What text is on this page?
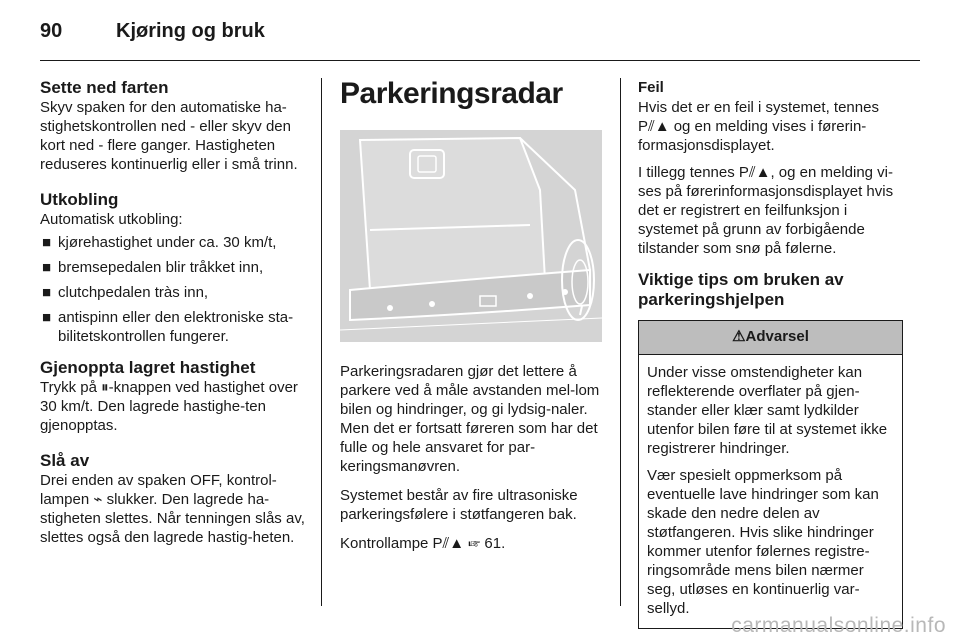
90	Kjøring og bruk
Sette ned farten

Skyv spaken for den automatiske ha-stighetskontrollen ned - eller skyv den kort ned - flere ganger. Hastigheten reduseres kontinuerlig eller i små trinn.

Utkobling

Automatisk utkobling:

■ kjørehastighet under ca. 30 km/t,
■ bremsepedalen blir tråkket inn,
■ clutchpedalen tràs inn,
■ antispinn eller den elektroniske sta-bilitetskontrollen fungerer.
Gjenoppta lagret hastighet

Trykk på ⏸-knappen ved hastighet over 30 km/t. Den lagrede hastighe-ten gjenopptas.

Slå av

Drei enden av spaken OFF, kontrol-lampen ⌁ slukker. Den lagrede ha-stigheten slettes. Når tenningen slås av, slettes også den lagrede hastig-heten.

Parkeringsradar

Parkeringsradaren gjør det lettere å parkere ved å måle avstanden mel-lom bilen og hindringer, og gi lydsig-naler. Men det er fortsatt føreren som har det fulle og hele ansvaret for par-keringsmanøvren.

Systemet består av fire ultrasoniske parkeringsfølere i støtfangeren bak.

Kontrollampe P⫽▲ ☞ 61.

Feil

Hvis det er en feil i systemet, tennes P⫽▲ og en melding vises i førerin-formasjonsdisplayet.

I tillegg tennes P⫽▲, og en melding vi-ses på førerinformasjonsdisplayet hvis det er registrert en feilfunksjon i systemet på grunn av forbigående tilstander som snø på følerne.

Viktige tips om bruken av parkeringshjelpen
⚠Advarsel

Under visse omstendigheter kan reflekterende overflater på gjen-stander eller klær samt lydkilder utenfor bilen føre til at systemet ikke registrerer hindringer.

Vær spesielt oppmerksom på eventuelle lave hindringer som kan skade den nedre delen av støtfangeren. Hvis slike hindringer kommer utenfor følernes registre-ringsområde mens bilen nærmer seg, utløses en kontinuerlig var-sellyd.

carmanualsonline.info
